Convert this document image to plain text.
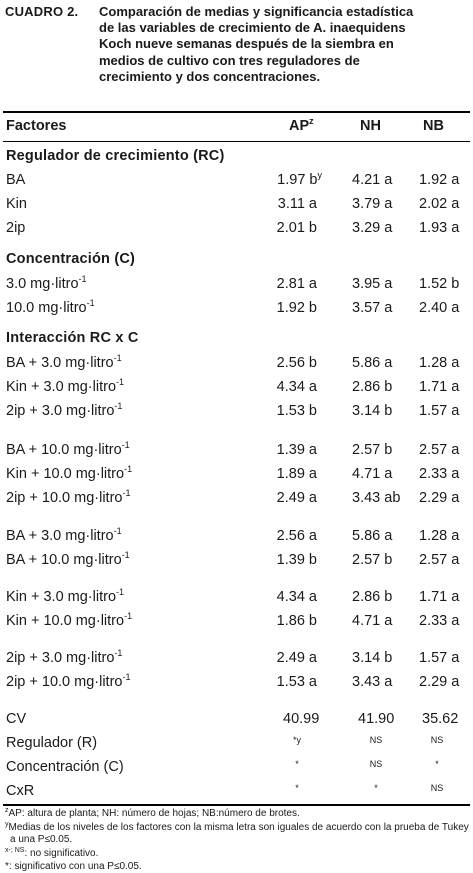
CUADRO 2. Comparación de medias y significancia estadística
de las variables de crecimiento de A. inaequidens
Koch nueve semanas después de la siembra en
medios de cultivo con tres reguladores de
crecimiento y dos concentraciones.
Factores	$AP^z$	NH	NB
Regulador de crecimiento (RC)
BA	1.97 $b^y$ 4.21 a	1.92 a
Kin	3.11 a	3.79 a	2.02 a
2ip	2.01 b	3.29 a	1.93 a
Concentración (C)
3.0 mg·litro$^{-1}$	2.81 a	3.95 a	1.52 b
10.0 mg·litro$^{-1}$	1.92 b	3.57 a	2.40 a
Interacción RC x C
BA + 3.0 mg·litro$^{-1}$	2.56 b	5.86 a	1.28 a
Kin + 3.0 mg·litro$^{-1}$	4.34 a	2.86 b	1.71 a
2ip + 3.0 mg·litro$^{-1}$	1.53 b	3.14 b	1.57 a
BA + 10.0 mg·litro$^{-1}$	1.39 a	2.57 b	2.57 a
Kin + 10.0 mg·litro$^{-1}$	1.89 a	4.71 a	2.33 a
2ip + 10.0 mg·litro$^{-1}$	2.49 a	3.43 ab	2.29 a
BA + 3.0 mg·litro$^{-1}$	2.56 a	5.86 a	1.28 a
BA + 10.0 mg·litro$^{-1}$	1.39 b	2.57 b	2.57 a
Kin + 3.0 mg·litro$^{-1}$	4.34 a	2.86 b	1.71 a
Kin + 10.0 mg·litro$^{-1}$	1.86 b	4.71 a	2.33 a
2ip + 3.0 mg·litro$^{-1}$	2.49 a	3.14 b	1.57 a
2ip + 10.0 mg·litro$^{-1}$	1.53 a	3.43 a	2.29 a
CV	40.99	41.90 35.62
Regulador (R)	*y	NS	NS
Concentración (C)	*	NS	*
CxR	*	*	NS
$^z$AP: altura de planta; NH: número de hojas; NB:número de brotes.
$^y$Medias de los niveles de los factores con la misma letra son iguales de acuerdo con la prueba de Tukey
a una P≤0.05.
$^{x-; NS}$: no significativo.
*: significativo con una P≤0.05.
